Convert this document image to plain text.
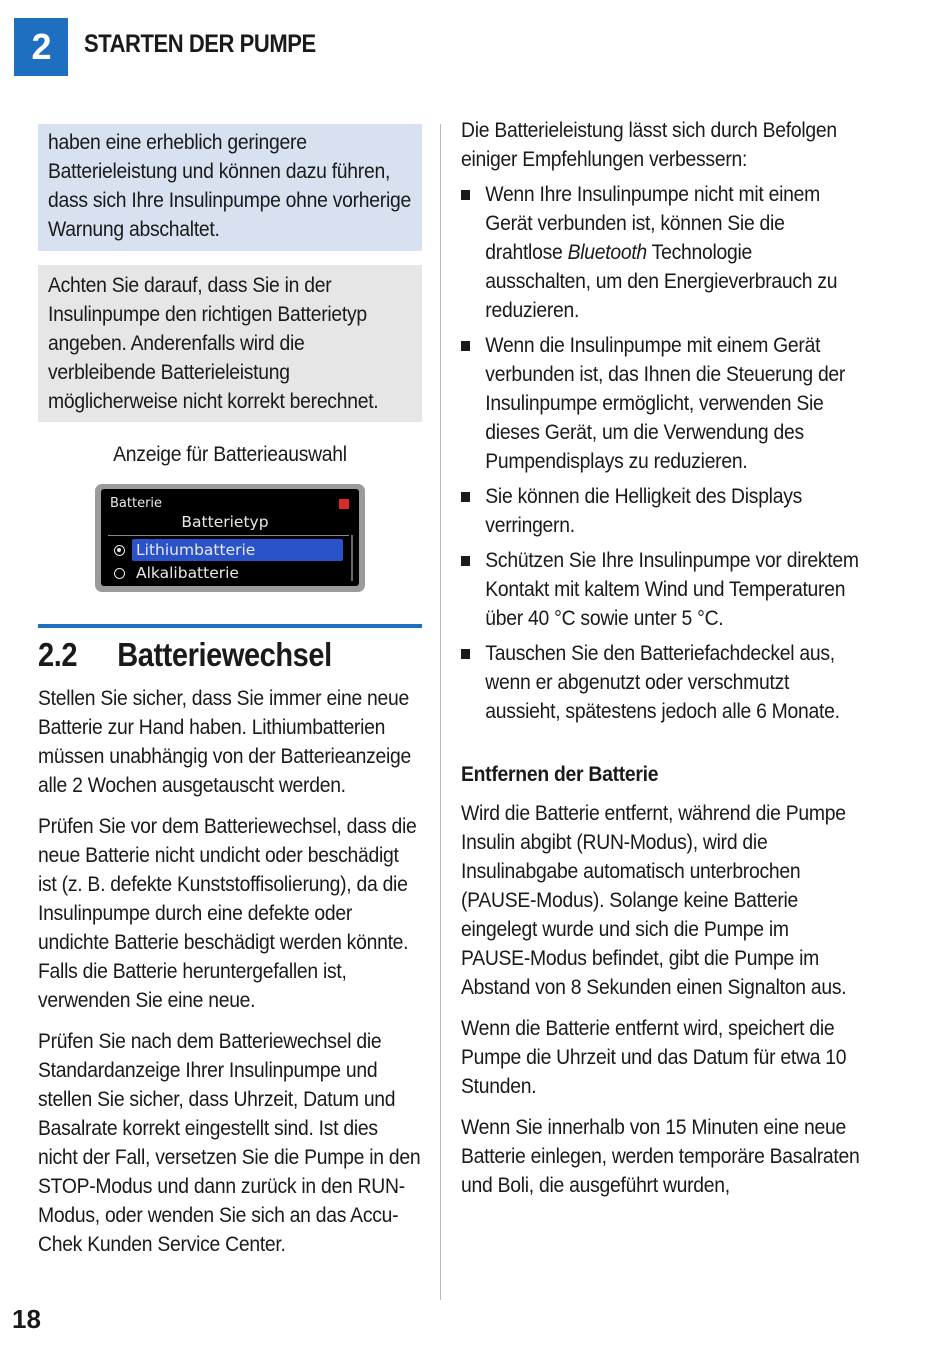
2	STARTEN DER PUMPE
haben eine erheblich geringere Batterieleistung und können dazu führen, dass sich Ihre Insulinpumpe ohne vorherige Warnung abschaltet.
Achten Sie darauf, dass Sie in der Insulinpumpe den richtigen Batterietyp angeben. Anderenfalls wird die verbleibende Batterieleistung möglicherweise nicht korrekt berechnet.
Anzeige für Batterieauswahl
Batterie
Batterietyp
Lithiumbatterie
Alkalibatterie
2.2	Batteriewechsel
Stellen Sie sicher, dass Sie immer eine neue Batterie zur Hand haben. Lithiumbatterien müssen unabhängig von der Batterieanzeige alle 2 Wochen ausgetauscht werden.
Prüfen Sie vor dem Batteriewechsel, dass die neue Batterie nicht undicht oder beschädigt ist (z. B. defekte Kunststoffisolierung), da die Insulinpumpe durch eine defekte oder undichte Batterie beschädigt werden könnte. Falls die Batterie heruntergefallen ist, verwenden Sie eine neue.
Prüfen Sie nach dem Batteriewechsel die Standardanzeige Ihrer Insulinpumpe und stellen Sie sicher, dass Uhrzeit, Datum und Basalrate korrekt eingestellt sind. Ist dies nicht der Fall, versetzen Sie die Pumpe in den STOP-Modus und dann zurück in den RUN-Modus, oder wenden Sie sich an das Accu-Chek Kunden Service Center.
Die Batterieleistung lässt sich durch Befolgen einiger Empfehlungen verbessern:
Wenn Ihre Insulinpumpe nicht mit einem Gerät verbunden ist, können Sie die drahtlose Bluetooth Technologie ausschalten, um den Energieverbrauch zu reduzieren.
Wenn die Insulinpumpe mit einem Gerät verbunden ist, das Ihnen die Steuerung der Insulinpumpe ermöglicht, verwenden Sie dieses Gerät, um die Verwendung des Pumpendisplays zu reduzieren.
Sie können die Helligkeit des Displays verringern.
Schützen Sie Ihre Insulinpumpe vor direktem Kontakt mit kaltem Wind und Temperaturen über 40 °C sowie unter 5 °C.
Tauschen Sie den Batteriefachdeckel aus, wenn er abgenutzt oder verschmutzt aussieht, spätestens jedoch alle 6 Monate.
Entfernen der Batterie
Wird die Batterie entfernt, während die Pumpe Insulin abgibt (RUN-Modus), wird die Insulinabgabe automatisch unterbrochen (PAUSE-Modus). Solange keine Batterie eingelegt wurde und sich die Pumpe im PAUSE-Modus befindet, gibt die Pumpe im Abstand von 8 Sekunden einen Signalton aus.
Wenn die Batterie entfernt wird, speichert die Pumpe die Uhrzeit und das Datum für etwa 10 Stunden.
Wenn Sie innerhalb von 15 Minuten eine neue Batterie einlegen, werden temporäre Basalraten und Boli, die ausgeführt wurden,
18
